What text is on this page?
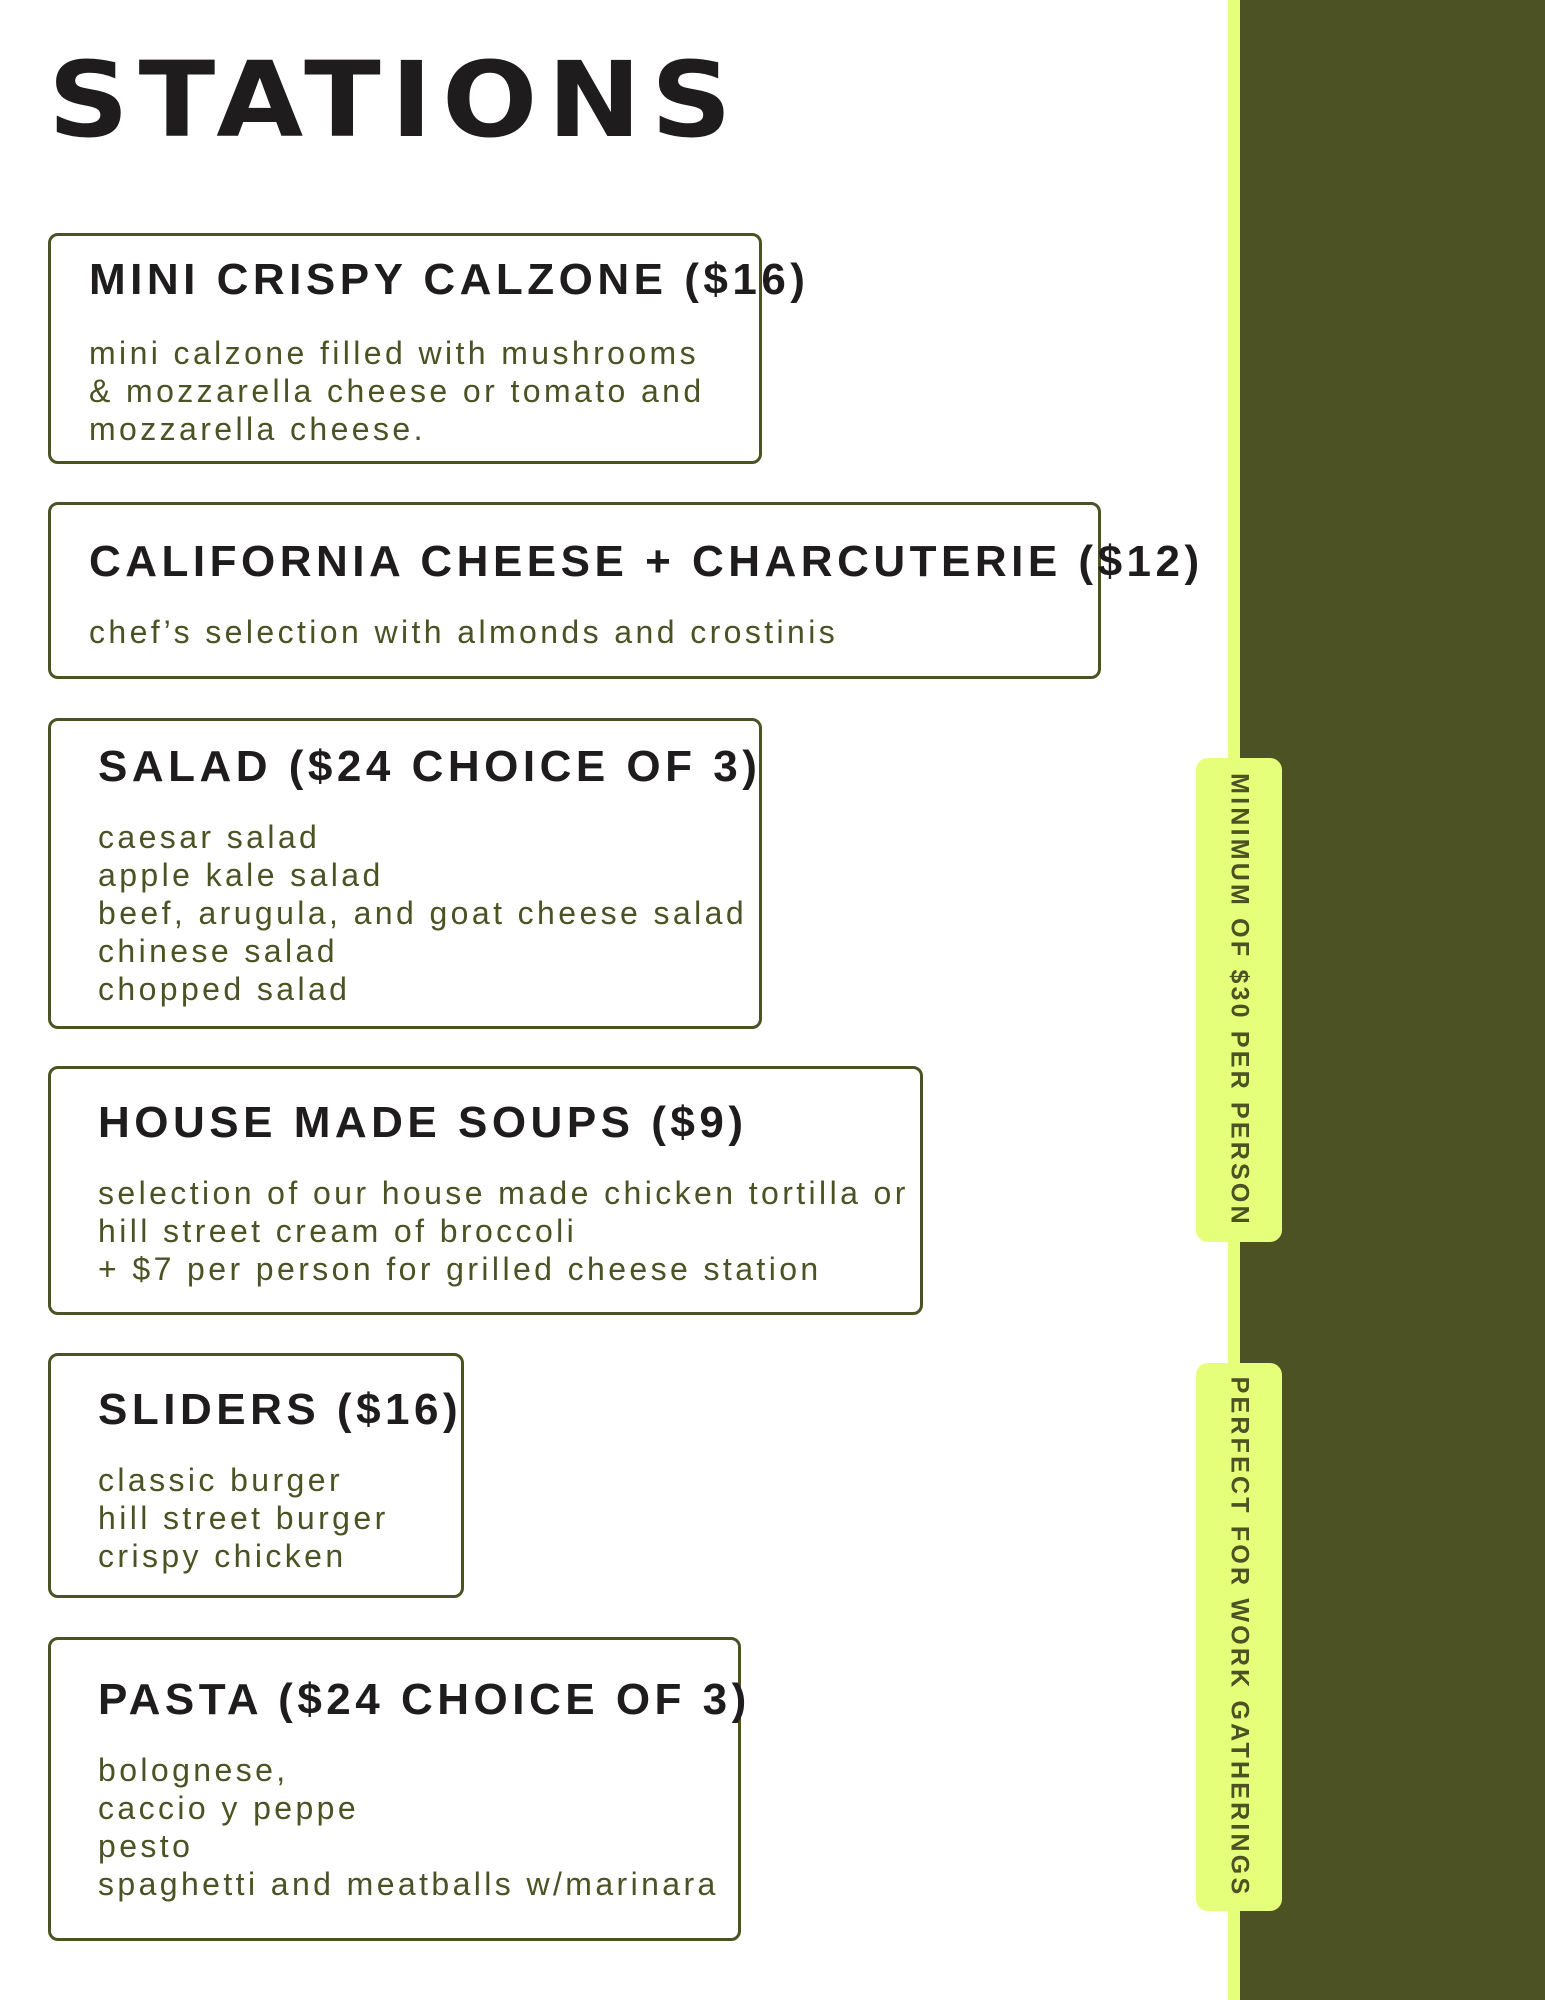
STATIONS
MINI CRISPY CALZONE ($16)
mini calzone filled with mushrooms
& mozzarella cheese or tomato and
mozzarella cheese.
CALIFORNIA CHEESE + CHARCUTERIE ($12)
chef’s selection with almonds and crostinis
SALAD ($24 CHOICE OF 3)
caesar salad
apple kale salad
beef, arugula, and goat cheese salad
chinese salad
chopped salad
HOUSE MADE SOUPS ($9)
selection of our house made chicken tortilla or
hill street cream of broccoli
+ $7 per person for grilled cheese station
SLIDERS ($16)
classic burger
hill street burger
crispy chicken
PASTA ($24 CHOICE OF 3)
bolognese,
caccio y peppe
pesto
spaghetti and meatballs w/marinara
MINIMUM OF $30 PER PERSON
PERFECT FOR WORK GATHERINGS
